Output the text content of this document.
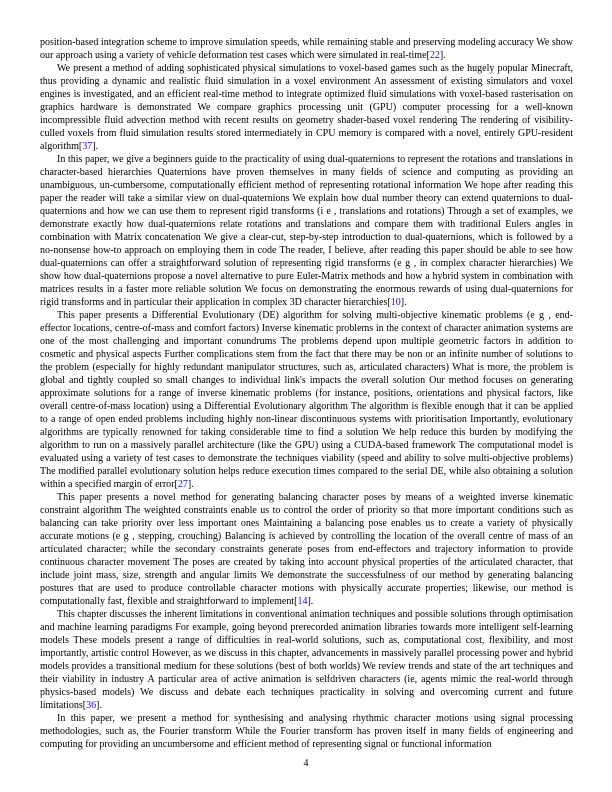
position-based integration scheme to improve simulation speeds, while remaining stable and preserving modeling accuracy We show our approach using a variety of vehicle deformation test cases which were simulated in real-time[22].

We present a method of adding sophisticated physical simulations to voxel-based games such as the hugely popular Minecraft, thus providing a dynamic and realistic fluid simulation in a voxel environment An assessment of existing simulators and voxel engines is investigated, and an efficient real-time method to integrate optimized fluid simulations with voxel-based rasterisation on graphics hardware is demonstrated We compare graphics processing unit (GPU) computer processing for a well-known incompressible fluid advection method with recent results on geometry shader-based voxel rendering The rendering of visibility-culled voxels from fluid simulation results stored intermediately in CPU memory is compared with a novel, entirely GPU-resident algorithm[37].

In this paper, we give a beginners guide to the practicality of using dual-quaternions to represent the rotations and translations in character-based hierarchies Quaternions have proven themselves in many fields of science and computing as providing an unambiguous, un-cumbersome, computationally efficient method of representing rotational information We hope after reading this paper the reader will take a similar view on dual-quaternions We explain how dual number theory can extend quaternions to dual-quaternions and how we can use them to represent rigid transforms (i e , translations and rotations) Through a set of examples, we demonstrate exactly how dual-quaternions relate rotations and translations and compare them with traditional Eulers angles in combination with Matrix concatenation We give a clear-cut, step-by-step introduction to dual-quaternions, which is followed by a no-nonsense how-to approach on employing them in code The reader, I believe, after reading this paper should be able to see how dual-quaternions can offer a straightforward solution of representing rigid transforms (e g , in complex character hierarchies) We show how dual-quaternions propose a novel alternative to pure Euler-Matrix methods and how a hybrid system in combination with matrices results in a faster more reliable solution We focus on demonstrating the enormous rewards of using dual-quaternions for rigid transforms and in particular their application in complex 3D character hierarchies[10].

This paper presents a Differential Evolutionary (DE) algorithm for solving multi-objective kinematic problems (e g , end-effector locations, centre-of-mass and comfort factors) Inverse kinematic problems in the context of character animation systems are one of the most challenging and important conundrums The problems depend upon multiple geometric factors in addition to cosmetic and physical aspects Further complications stem from the fact that there may be non or an infinite number of solutions to the problem (especially for highly redundant manipulator structures, such as, articulated characters) What is more, the problem is global and tightly coupled so small changes to individual link's impacts the overall solution Our method focuses on generating approximate solutions for a range of inverse kinematic problems (for instance, positions, orientations and physical factors, like overall centre-of-mass location) using a Differential Evolutionary algorithm The algorithm is flexible enough that it can be applied to a range of open ended problems including highly non-linear discontinuous systems with prioritisation Importantly, evolutionary algorithms are typically renowned for taking considerable time to find a solution We help reduce this burden by modifying the algorithm to run on a massively parallel architecture (like the GPU) using a CUDA-based framework The computational model is evaluated using a variety of test cases to demonstrate the techniques viability (speed and ability to solve multi-objective problems) The modified parallel evolutionary solution helps reduce execution times compared to the serial DE, while also obtaining a solution within a specified margin of error[27].

This paper presents a novel method for generating balancing character poses by means of a weighted inverse kinematic constraint algorithm The weighted constraints enable us to control the order of priority so that more important conditions such as balancing can take priority over less important ones Maintaining a balancing pose enables us to create a variety of physically accurate motions (e g , stepping, crouching) Balancing is achieved by controlling the location of the overall centre of mass of an articulated character; while the secondary constraints generate poses from end-effectors and trajectory information to provide continuous character movement The poses are created by taking into account physical properties of the articulated character, that include joint mass, size, strength and angular limits We demonstrate the successfulness of our method by generating balancing postures that are used to produce controllable character motions with physically accurate properties; likewise, our method is computationally fast, flexible and straightforward to implement[14].

This chapter discusses the inherent limitations in conventional animation techniques and possible solutions through optimisation and machine learning paradigms For example, going beyond prerecorded animation libraries towards more intelligent self-learning models These models present a range of difficulties in real-world solutions, such as, computational cost, flexibility, and most importantly, artistic control However, as we discuss in this chapter, advancements in massively parallel processing power and hybrid models provides a transitional medium for these solutions (best of both worlds) We review trends and state of the art techniques and their viability in industry A particular area of active animation is selfdriven characters (ie, agents mimic the real-world through physics-based models) We discuss and debate each techniques practicality in solving and overcoming current and future limitations[36].

In this paper, we present a method for synthesising and analysing rhythmic character motions using signal processing methodologies, such as, the Fourier transform While the Fourier transform has proven itself in many fields of engineering and computing for providing an uncumbersome and efficient method of representing signal or functional information

4
